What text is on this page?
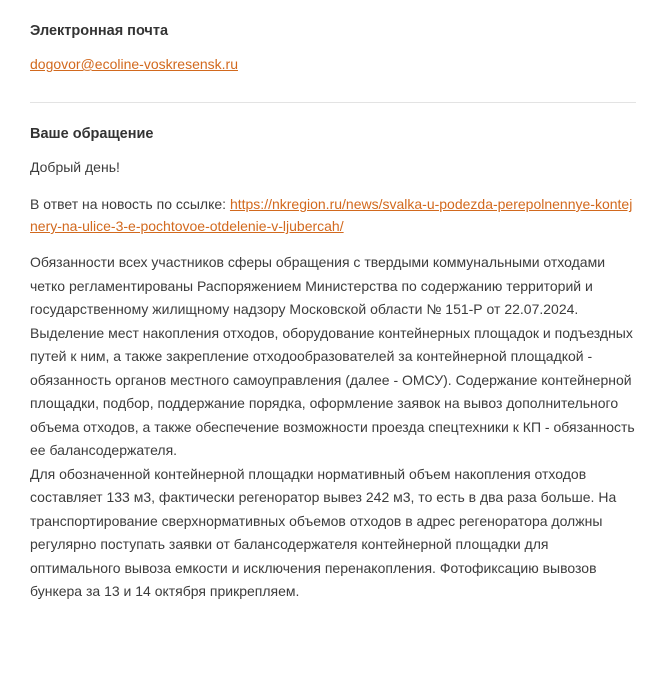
Электронная почта
dogovor@ecoline-voskresensk.ru
Ваше обращение

Добрый день!

В ответ на новость по ссылке: https://nkregion.ru/news/svalka-u-podezda-perepolnennye-kontejnery-na-ulice-3-e-pochtovoe-otdelenie-v-ljubercah/

Обязанности всех участников сферы обращения с твердыми коммунальными отходами четко регламентированы Распоряжением Министерства по содержанию территорий и государственному жилищному надзору Московской области № 151-Р от 22.07.2024. Выделение мест накопления отходов, оборудование контейнерных площадок и подъездных путей к ним, а также закрепление отходообразователей за контейнерной площадкой - обязанность органов местного самоуправления (далее - ОМСУ). Содержание контейнерной площадки, подбор, поддержание порядка, оформление заявок на вывоз дополнительного объема отходов, а также обеспечение возможности проезда спецтехники к КП - обязанность ее балансодержателя.

Для обозначенной контейнерной площадки нормативный объем накопления отходов составляет 133 м3, фактически регеноратор вывез 242 м3, то есть в два раза больше. На транспортирование сверхнормативных объемов отходов в адрес регеноратора должны регулярно поступать заявки от балансодержателя контейнерной площадки для оптимального вывоза емкости и исключения перенакопления. Фотофиксацию вывозов бункера за 13 и 14 октября прикрепляем.
